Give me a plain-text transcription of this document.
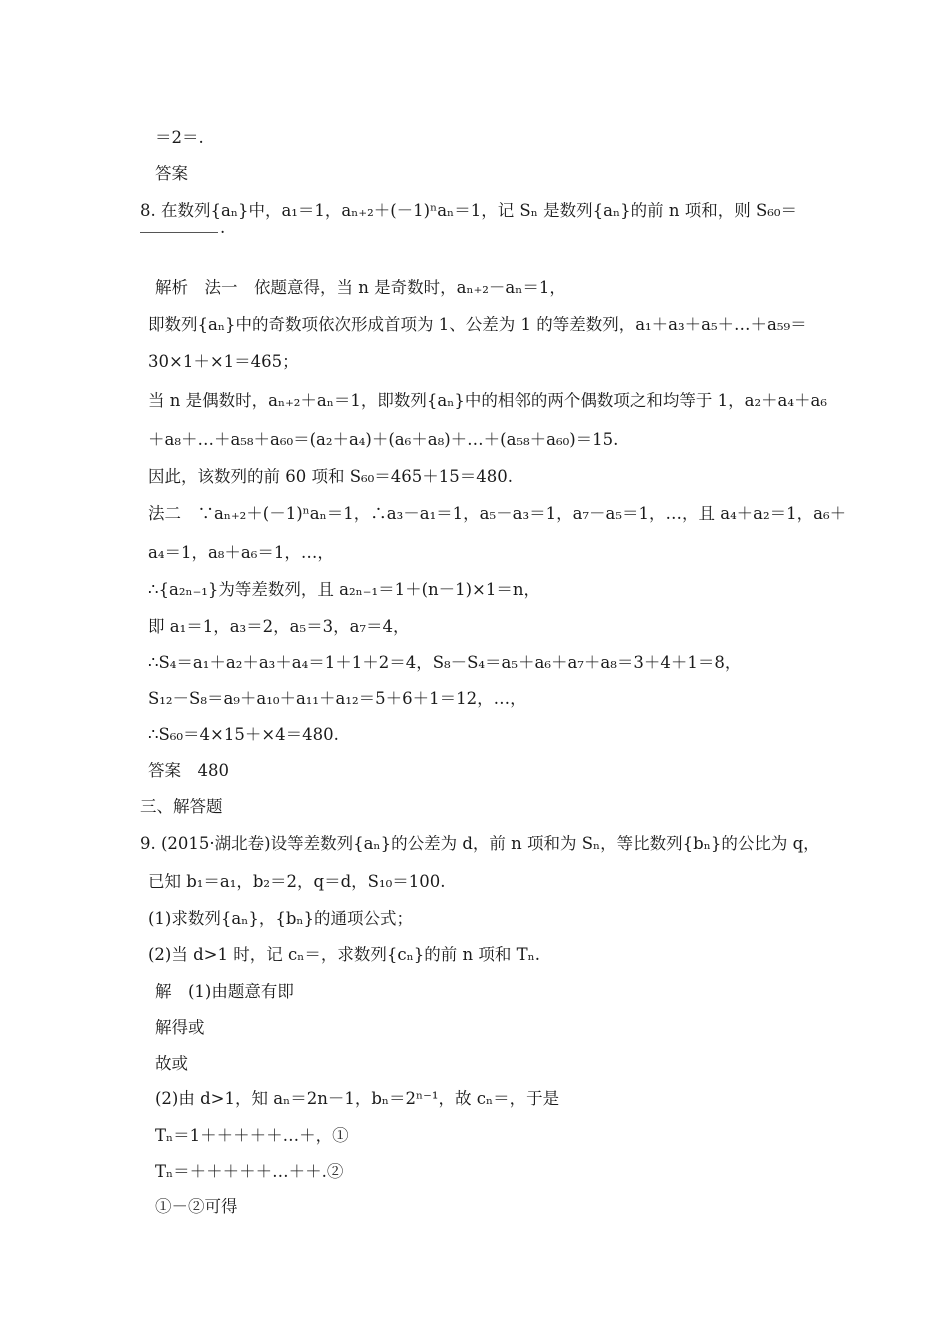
＝2＝.
答案
8. 在数列{aₙ}中，a₁＝1，aₙ₊₂＋(－1)ⁿaₙ＝1，记 Sₙ 是数列{aₙ}的前 n 项和，则 S₆₀＝
.
解析　法一　依题意得，当 n 是奇数时，aₙ₊₂－aₙ＝1，
即数列{aₙ}中的奇数项依次形成首项为 1、公差为 1 的等差数列，a₁＋a₃＋a₅＋…＋a₅₉＝
30×1＋×1＝465；
当 n 是偶数时，aₙ₊₂＋aₙ＝1，即数列{aₙ}中的相邻的两个偶数项之和均等于 1，a₂＋a₄＋a₆
＋a₈＋…＋a₅₈＋a₆₀＝(a₂＋a₄)＋(a₆＋a₈)＋…＋(a₅₈＋a₆₀)＝15.
因此，该数列的前 60 项和 S₆₀＝465＋15＝480.
法二　∵aₙ₊₂＋(－1)ⁿaₙ＝1，∴a₃－a₁＝1，a₅－a₃＝1，a₇－a₅＝1，…，且 a₄＋a₂＝1，a₆＋
a₄＝1，a₈＋a₆＝1，…，
∴{a₂ₙ₋₁}为等差数列，且 a₂ₙ₋₁＝1＋(n－1)×1＝n，
即 a₁＝1，a₃＝2，a₅＝3，a₇＝4，
∴S₄＝a₁＋a₂＋a₃＋a₄＝1＋1＋2＝4，S₈－S₄＝a₅＋a₆＋a₇＋a₈＝3＋4＋1＝8，
S₁₂－S₈＝a₉＋a₁₀＋a₁₁＋a₁₂＝5＋6＋1＝12，…，
∴S₆₀＝4×15＋×4＝480.
答案　480
三、解答题
9. (2015·湖北卷)设等差数列{aₙ}的公差为 d，前 n 项和为 Sₙ，等比数列{bₙ}的公比为 q，
已知 b₁＝a₁，b₂＝2，q＝d，S₁₀＝100.
(1)求数列{aₙ}，{bₙ}的通项公式；
(2)当 d>1 时，记 cₙ＝，求数列{cₙ}的前 n 项和 Tₙ.
解　(1)由题意有即
解得或
故或
(2)由 d>1，知 aₙ＝2n－1，bₙ＝2ⁿ⁻¹，故 cₙ＝，于是
Tₙ＝1＋＋＋＋＋…＋，①
Tₙ＝＋＋＋＋＋…＋＋.②
①－②可得
